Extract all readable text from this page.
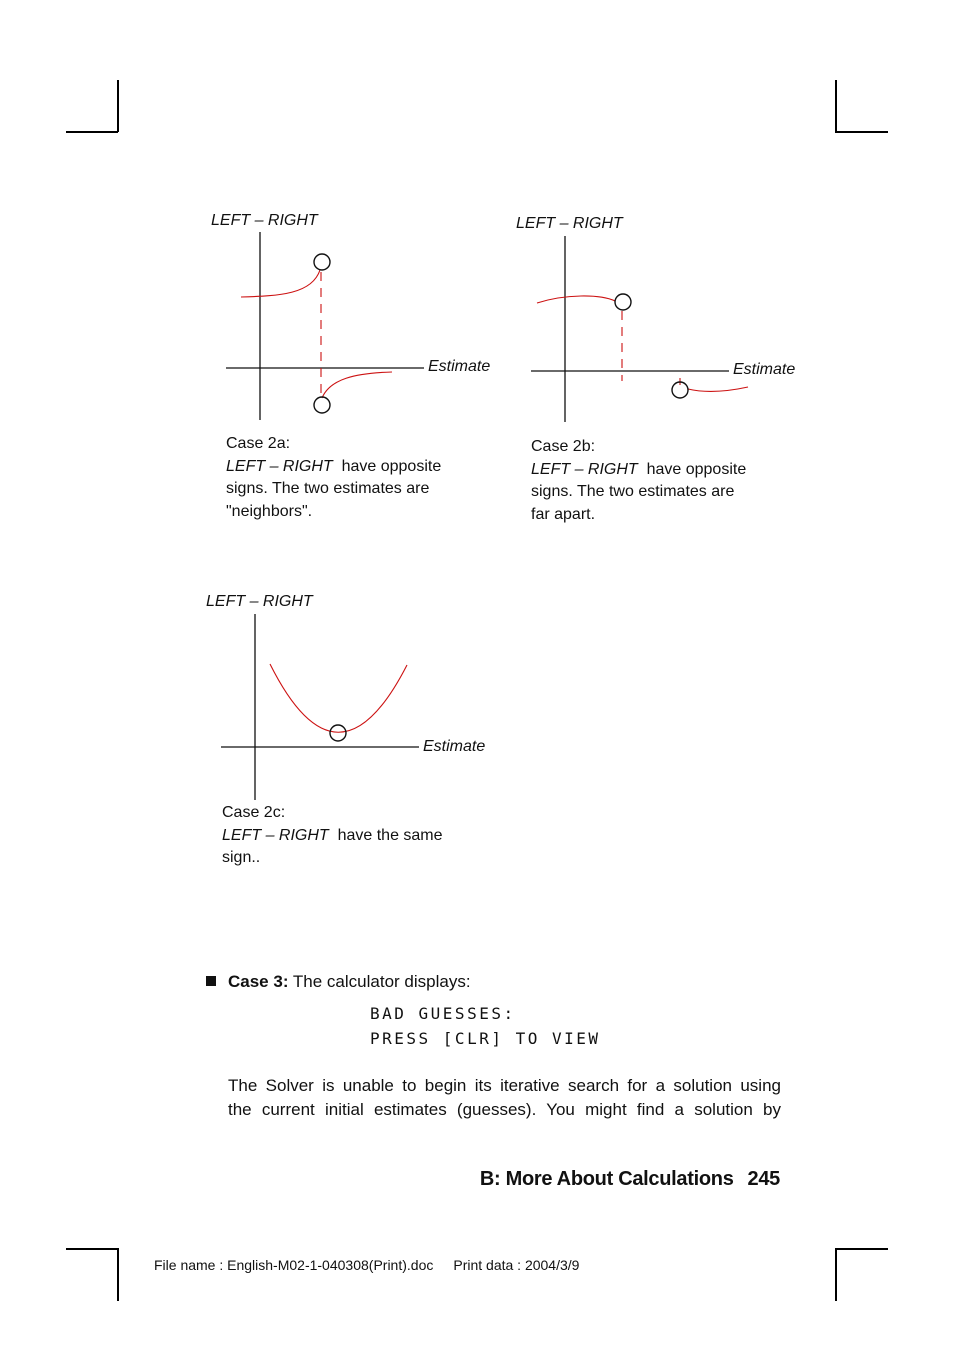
LEFT – RIGHT
Estimate
Case 2a:
LEFT – RIGHT have opposite
signs. The two estimates are
"neighbors".
LEFT – RIGHT
Estimate
Case 2b:
LEFT – RIGHT have opposite
signs. The two estimates are
far apart.
LEFT – RIGHT
Estimate
Case 2c:
LEFT – RIGHT have the same
sign..
Case 3: The calculator displays:
BAD GUESSES:
PRESS [CLR] TO VIEW
The Solver is unable to begin its iterative search for a solution using
the current initial estimates (guesses). You might find a solution by
B: More About Calculations 245
File name : English-M02-1-040308(Print).doc Print data : 2004/3/9
